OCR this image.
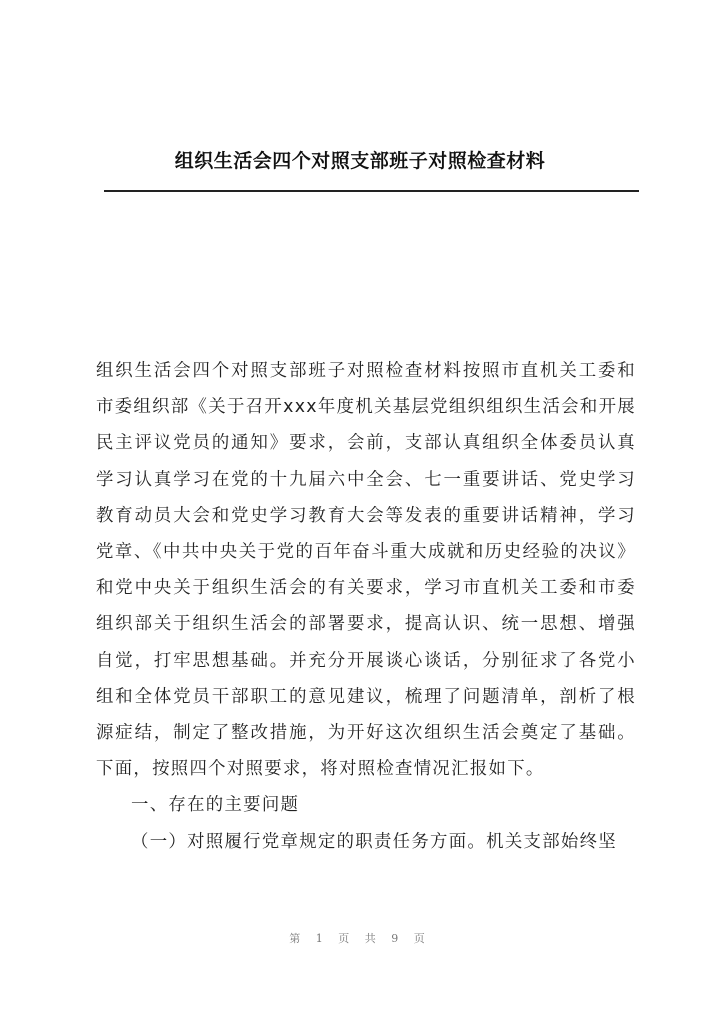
组织生活会四个对照支部班子对照检查材料

组织生活会四个对照支部班子对照检查材料按照市直机关工委和市委组织部《关于召开xxx年度机关基层党组织组织生活会和开展民主评议党员的通知》要求，会前，支部认真组织全体委员认真学习认真学习在党的十九届六中全会、七一重要讲话、党史学习教育动员大会和党史学习教育大会等发表的重要讲话精神，学习党章、《中共中央关于党的百年奋斗重大成就和历史经验的决议》和党中央关于组织生活会的有关要求，学习市直机关工委和市委组织部关于组织生活会的部署要求，提高认识、统一思想、增强自觉，打牢思想基础。并充分开展谈心谈话，分别征求了各党小组和全体党员干部职工的意见建议，梳理了问题清单，剖析了根源症结，制定了整改措施，为开好这次组织生活会奠定了基础。下面，按照四个对照要求，将对照检查情况汇报如下。

一、存在的主要问题

（一）对照履行党章规定的职责任务方面。机关支部始终坚

第 1 页 共 9 页
